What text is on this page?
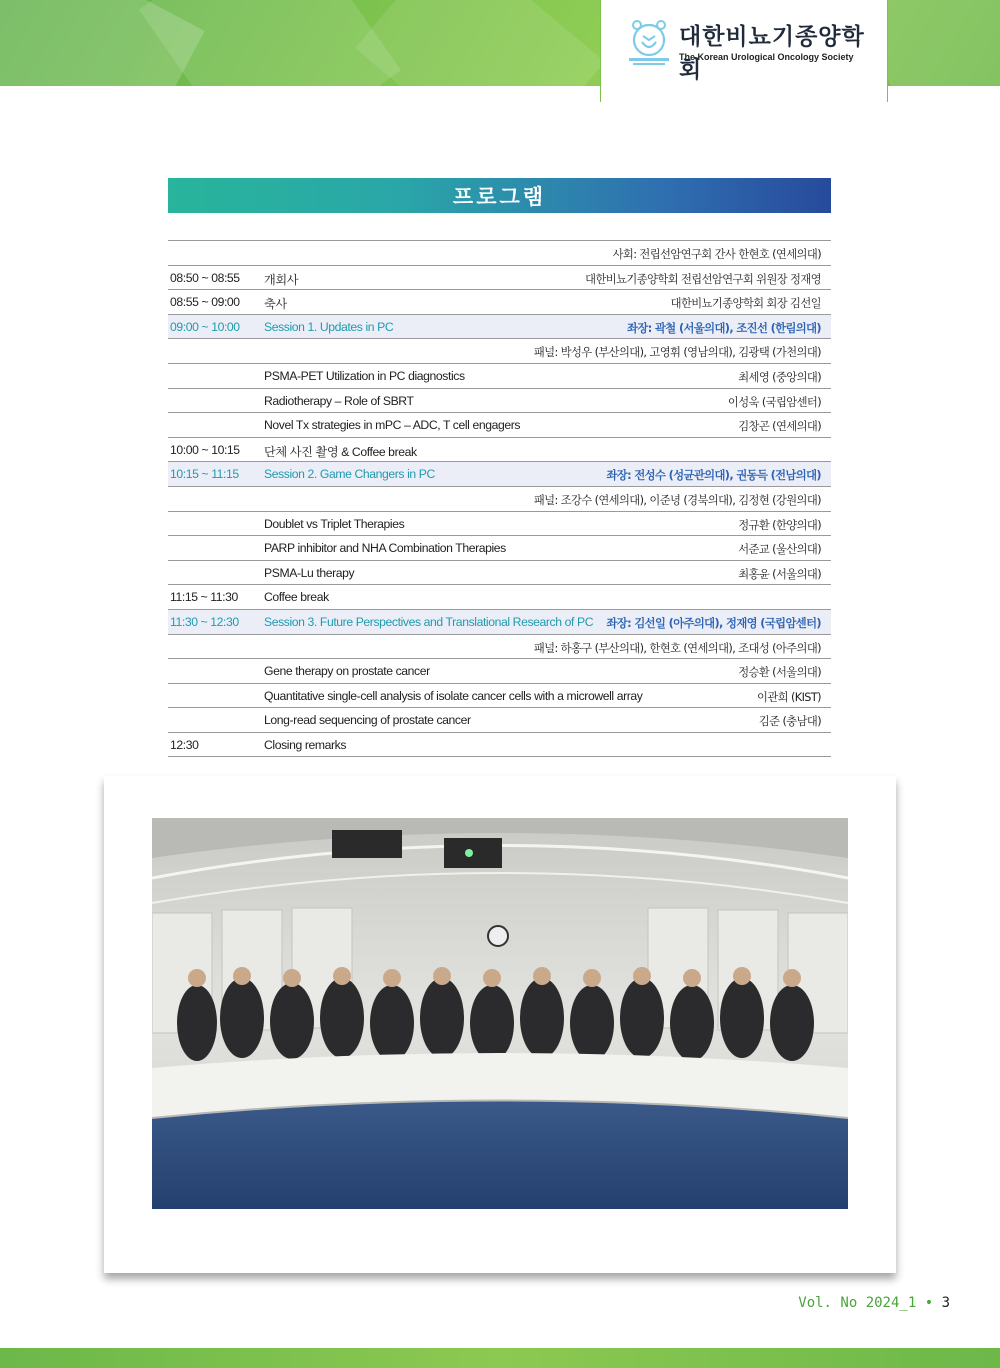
대한비뇨기종양학회
The Korean Urological Oncology Society
프로그램
사회: 전립선암연구회 간사 한현호 (연세의대)
08:50 ~ 08:55 개회사	대한비뇨기종양학회 전립선암연구회 위원장 정재영
08:55 ~ 09:00 축사	대한비뇨기종양학회 회장 김선일
09:00 ~ 10:00 Session 1. Updates in PC	좌장: 곽철 (서울의대), 조진선 (한림의대)
패널: 박성우 (부산의대), 고영휘 (영남의대), 김광택 (가천의대)
PSMA-PET Utilization in PC diagnostics	최세영 (중앙의대)
Radiotherapy – Role of SBRT	이성욱 (국립암센터)
Novel Tx strategies in mPC – ADC, T cell engagers	김창곤 (연세의대)
10:00 ~ 10:15 단체 사진 촬영 & Coffee break
10:15 ~ 11:15 Session 2. Game Changers in PC	좌장: 전성수 (성균관의대), 권동득 (전남의대)
패널: 조강수 (연세의대), 이준녕 (경북의대), 김정현 (강원의대)
Doublet vs Triplet Therapies	정규환 (한양의대)
PARP inhibitor and NHA Combination Therapies	서준교 (울산의대)
PSMA-Lu therapy	최홍윤 (서울의대)
11:15 ~ 11:30 Coffee break
11:30 ~ 12:30 Session 3. Future Perspectives and Translational Research of PC 좌장: 김선일 (아주의대), 정재영 (국립암센터)
패널: 하홍구 (부산의대), 한현호 (연세의대), 조대성 (아주의대)
Gene therapy on prostate cancer	정승환 (서울의대)
Quantitative single-cell analysis of isolate cancer cells with a microwell array	이관희 (KIST)
Long-read sequencing of prostate cancer	김준 (충남대)
12:30	Closing remarks
Vol. No 2024_1 • 3
